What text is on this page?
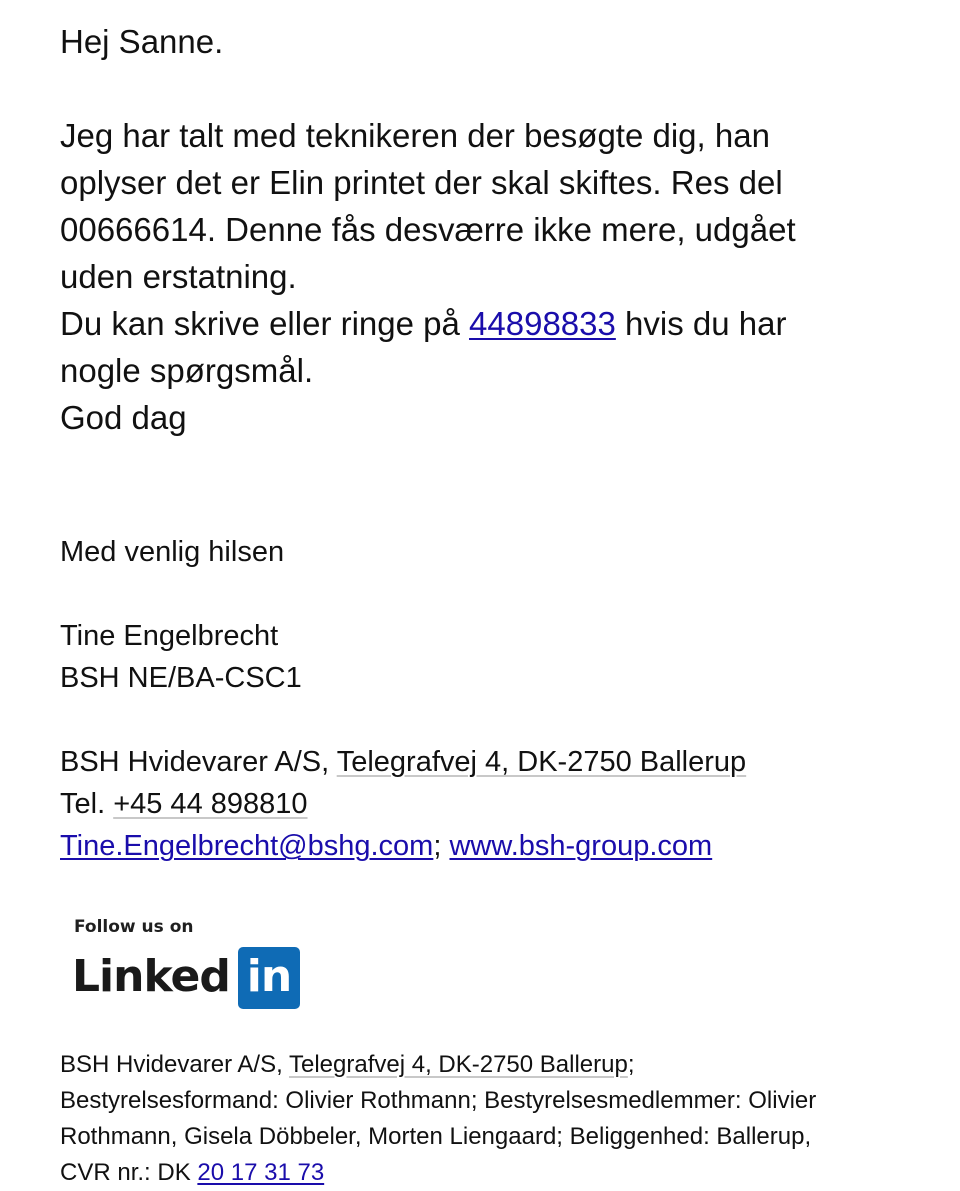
Hej Sanne.
Jeg har talt med teknikeren der besøgte dig, han
oplyser det er Elin printet der skal skiftes. Res del
00666614. Denne fås desværre ikke mere, udgået
uden erstatning.
Du kan skrive eller ringe på 44898833 hvis du har
nogle spørgsmål.
God dag
Med venlig hilsen
Tine Engelbrecht
BSH NE/BA-CSC1
BSH Hvidevarer A/S, Telegrafvej 4, DK-2750 Ballerup
Tel. +45 44 898810
Tine.Engelbrecht@bshg.com; www.bsh-group.com
Follow us on
Linked in
BSH Hvidevarer A/S, Telegrafvej 4, DK-2750 Ballerup;
Bestyrelsesformand: Olivier Rothmann; Bestyrelsesmedlemmer: Olivier
Rothmann, Gisela Döbbeler, Morten Liengaard; Beliggenhed: Ballerup,
CVR nr.: DK 20 17 31 73
